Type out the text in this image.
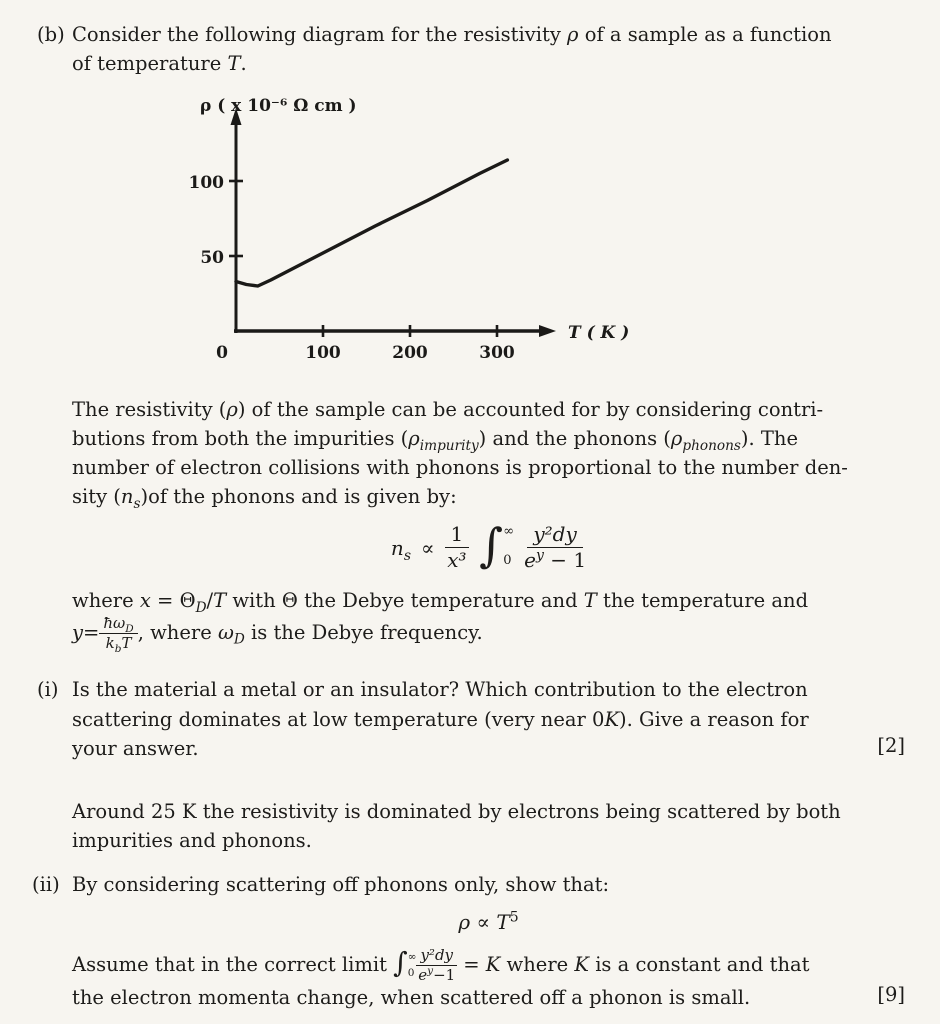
(b) Consider the following diagram for the resistivity ρ of a sample as a function
of temperature T.

ρ ( x 10⁻⁶ Ω cm )
100
50
0	100	200	300
T ( K )

The resistivity (ρ) of the sample can be accounted for by considering contri-
butions from both the impurities $(\rho_{impurity})$ and the phonons $(\rho_{phonons})$. The
number of electron collisions with phonons is proportional to the number den-
sity $(n_s)of$ the phonons and is given by:

$n_s \propto \frac{1}{\text{x³}}$ ∫ ∞
$0 \frac{\text{y²dy}}{e^y - 1}$

where $x = \Theta_D/T$ with Θ the Debye temperature and T the temperature and
$y= \frac{ħ\omega_D}{k_bT}$ , where $\omega_D$ is the Debye frequency.

(i) Is the material a metal or an insulator? Which contribution to the electron
scattering dominates at low temperature (very near 0K). Give a reason for
your answer.	[2]

Around 25 K the resistivity is dominated by electrons being scattered by both
impurities and phonons.

(ii) By considering scattering off phonons only, show that:

$\rho \propto T^5$

Assume that in the correct limit ∫ ∞
$0 \frac{\text{y²dy}}{e^y-1} = K$ where K is a constant and that
the electron momenta change, when scattered off a phonon is small.	[9]
